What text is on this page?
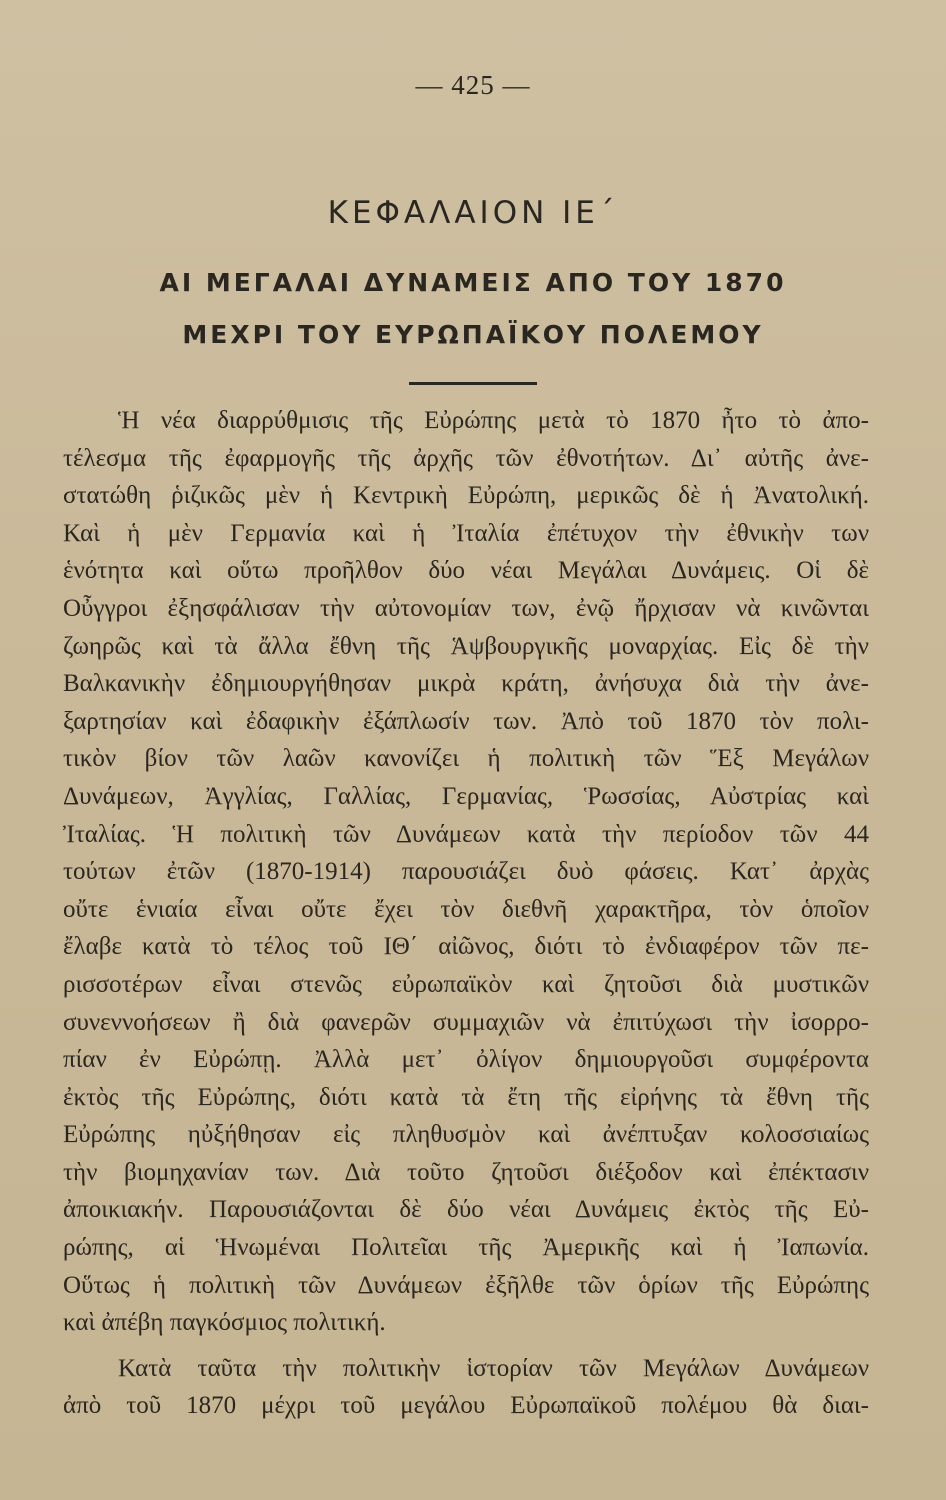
— 425 —
ΚΕΦΑΛΑΙΟΝ ΙΕ΄
ΑΙ ΜΕΓΑΛΑΙ ΔΥΝΑΜΕΙΣ ΑΠΟ ΤΟΥ 1870
ΜΕΧΡΙ ΤΟΥ ΕΥΡΩΠΑΪΚΟΥ ΠΟΛΕΜΟΥ
Ἡ νέα διαρρύθμισις τῆς Εὐρώπης μετὰ τὸ 1870 ἦτο τὸ ἀπο-
τέλεσμα τῆς ἐφαρμογῆς τῆς ἀρχῆς τῶν ἐθνοτήτων. Δι᾽ αὐτῆς ἀνε-
στατώθη ῥιζικῶς μὲν ἡ Κεντρικὴ Εὐρώπη, μερικῶς δὲ ἡ Ἀνατολική.
Καὶ ἡ μὲν Γερμανία καὶ ἡ Ἰταλία ἐπέτυχον τὴν ἐθνικὴν των
ἑνότητα καὶ οὕτω προῆλθον δύο νέαι Μεγάλαι Δυνάμεις. Οἱ δὲ
Οὖγγροι ἐξησφάλισαν τὴν αὐτονομίαν των, ἐνῷ ἤρχισαν νὰ κινῶνται
ζωηρῶς καὶ τὰ ἄλλα ἔθνη τῆς Ἁψβουργικῆς μοναρχίας. Εἰς δὲ τὴν
Βαλκανικὴν ἐδημιουργήθησαν μικρὰ κράτη, ἀνήσυχα διὰ τὴν ἀνε-
ξαρτησίαν καὶ ἐδαφικὴν ἐξάπλωσίν των. Ἀπὸ τοῦ 1870 τὸν πολι-
τικὸν βίον τῶν λαῶν κανονίζει ἡ πολιτικὴ τῶν Ἕξ Μεγάλων
Δυνάμεων, Ἀγγλίας, Γαλλίας, Γερμανίας, Ῥωσσίας, Αὐστρίας καὶ
Ἰταλίας. Ἡ πολιτικὴ τῶν Δυνάμεων κατὰ τὴν περίοδον τῶν 44
τούτων ἐτῶν (1870-1914) παρουσιάζει δυὸ φάσεις. Κατ᾽ ἀρχὰς
οὔτε ἑνιαία εἶναι οὔτε ἔχει τὸν διεθνῆ χαρακτῆρα, τὸν ὁποῖον
ἔλαβε κατὰ τὸ τέλος τοῦ ΙΘ΄ αἰῶνος, διότι τὸ ἐνδιαφέρον τῶν πε-
ρισσοτέρων εἶναι στενῶς εὐρωπαϊκὸν καὶ ζητοῦσι διὰ μυστικῶν
συνεννοήσεων ἢ διὰ φανερῶν συμμαχιῶν νὰ ἐπιτύχωσι τὴν ἰσορρο-
πίαν ἐν Εὐρώπῃ. Ἀλλὰ μετ᾽ ὀλίγον δημιουργοῦσι συμφέροντα
ἐκτὸς τῆς Εὐρώπης, διότι κατὰ τὰ ἔτη τῆς εἰρήνης τὰ ἔθνη τῆς
Εὐρώπης ηὐξήθησαν εἰς πληθυσμὸν καὶ ἀνέπτυξαν κολοσσιαίως
τὴν βιομηχανίαν των. Διὰ τοῦτο ζητοῦσι διέξοδον καὶ ἐπέκτασιν
ἀποικιακήν. Παρουσιάζονται δὲ δύο νέαι Δυνάμεις ἐκτὸς τῆς Εὐ-
ρώπης, αἱ Ἡνωμέναι Πολιτεῖαι τῆς Ἀμερικῆς καὶ ἡ Ἰαπωνία.
Οὕτως ἡ πολιτικὴ τῶν Δυνάμεων ἐξῆλθε τῶν ὁρίων τῆς Εὐρώπης
καὶ ἀπέβη παγκόσμιος πολιτική.
Κατὰ ταῦτα τὴν πολιτικὴν ἱστορίαν τῶν Μεγάλων Δυνάμεων
ἀπὸ τοῦ 1870 μέχρι τοῦ μεγάλου Εὐρωπαϊκοῦ πολέμου θὰ διαι-
